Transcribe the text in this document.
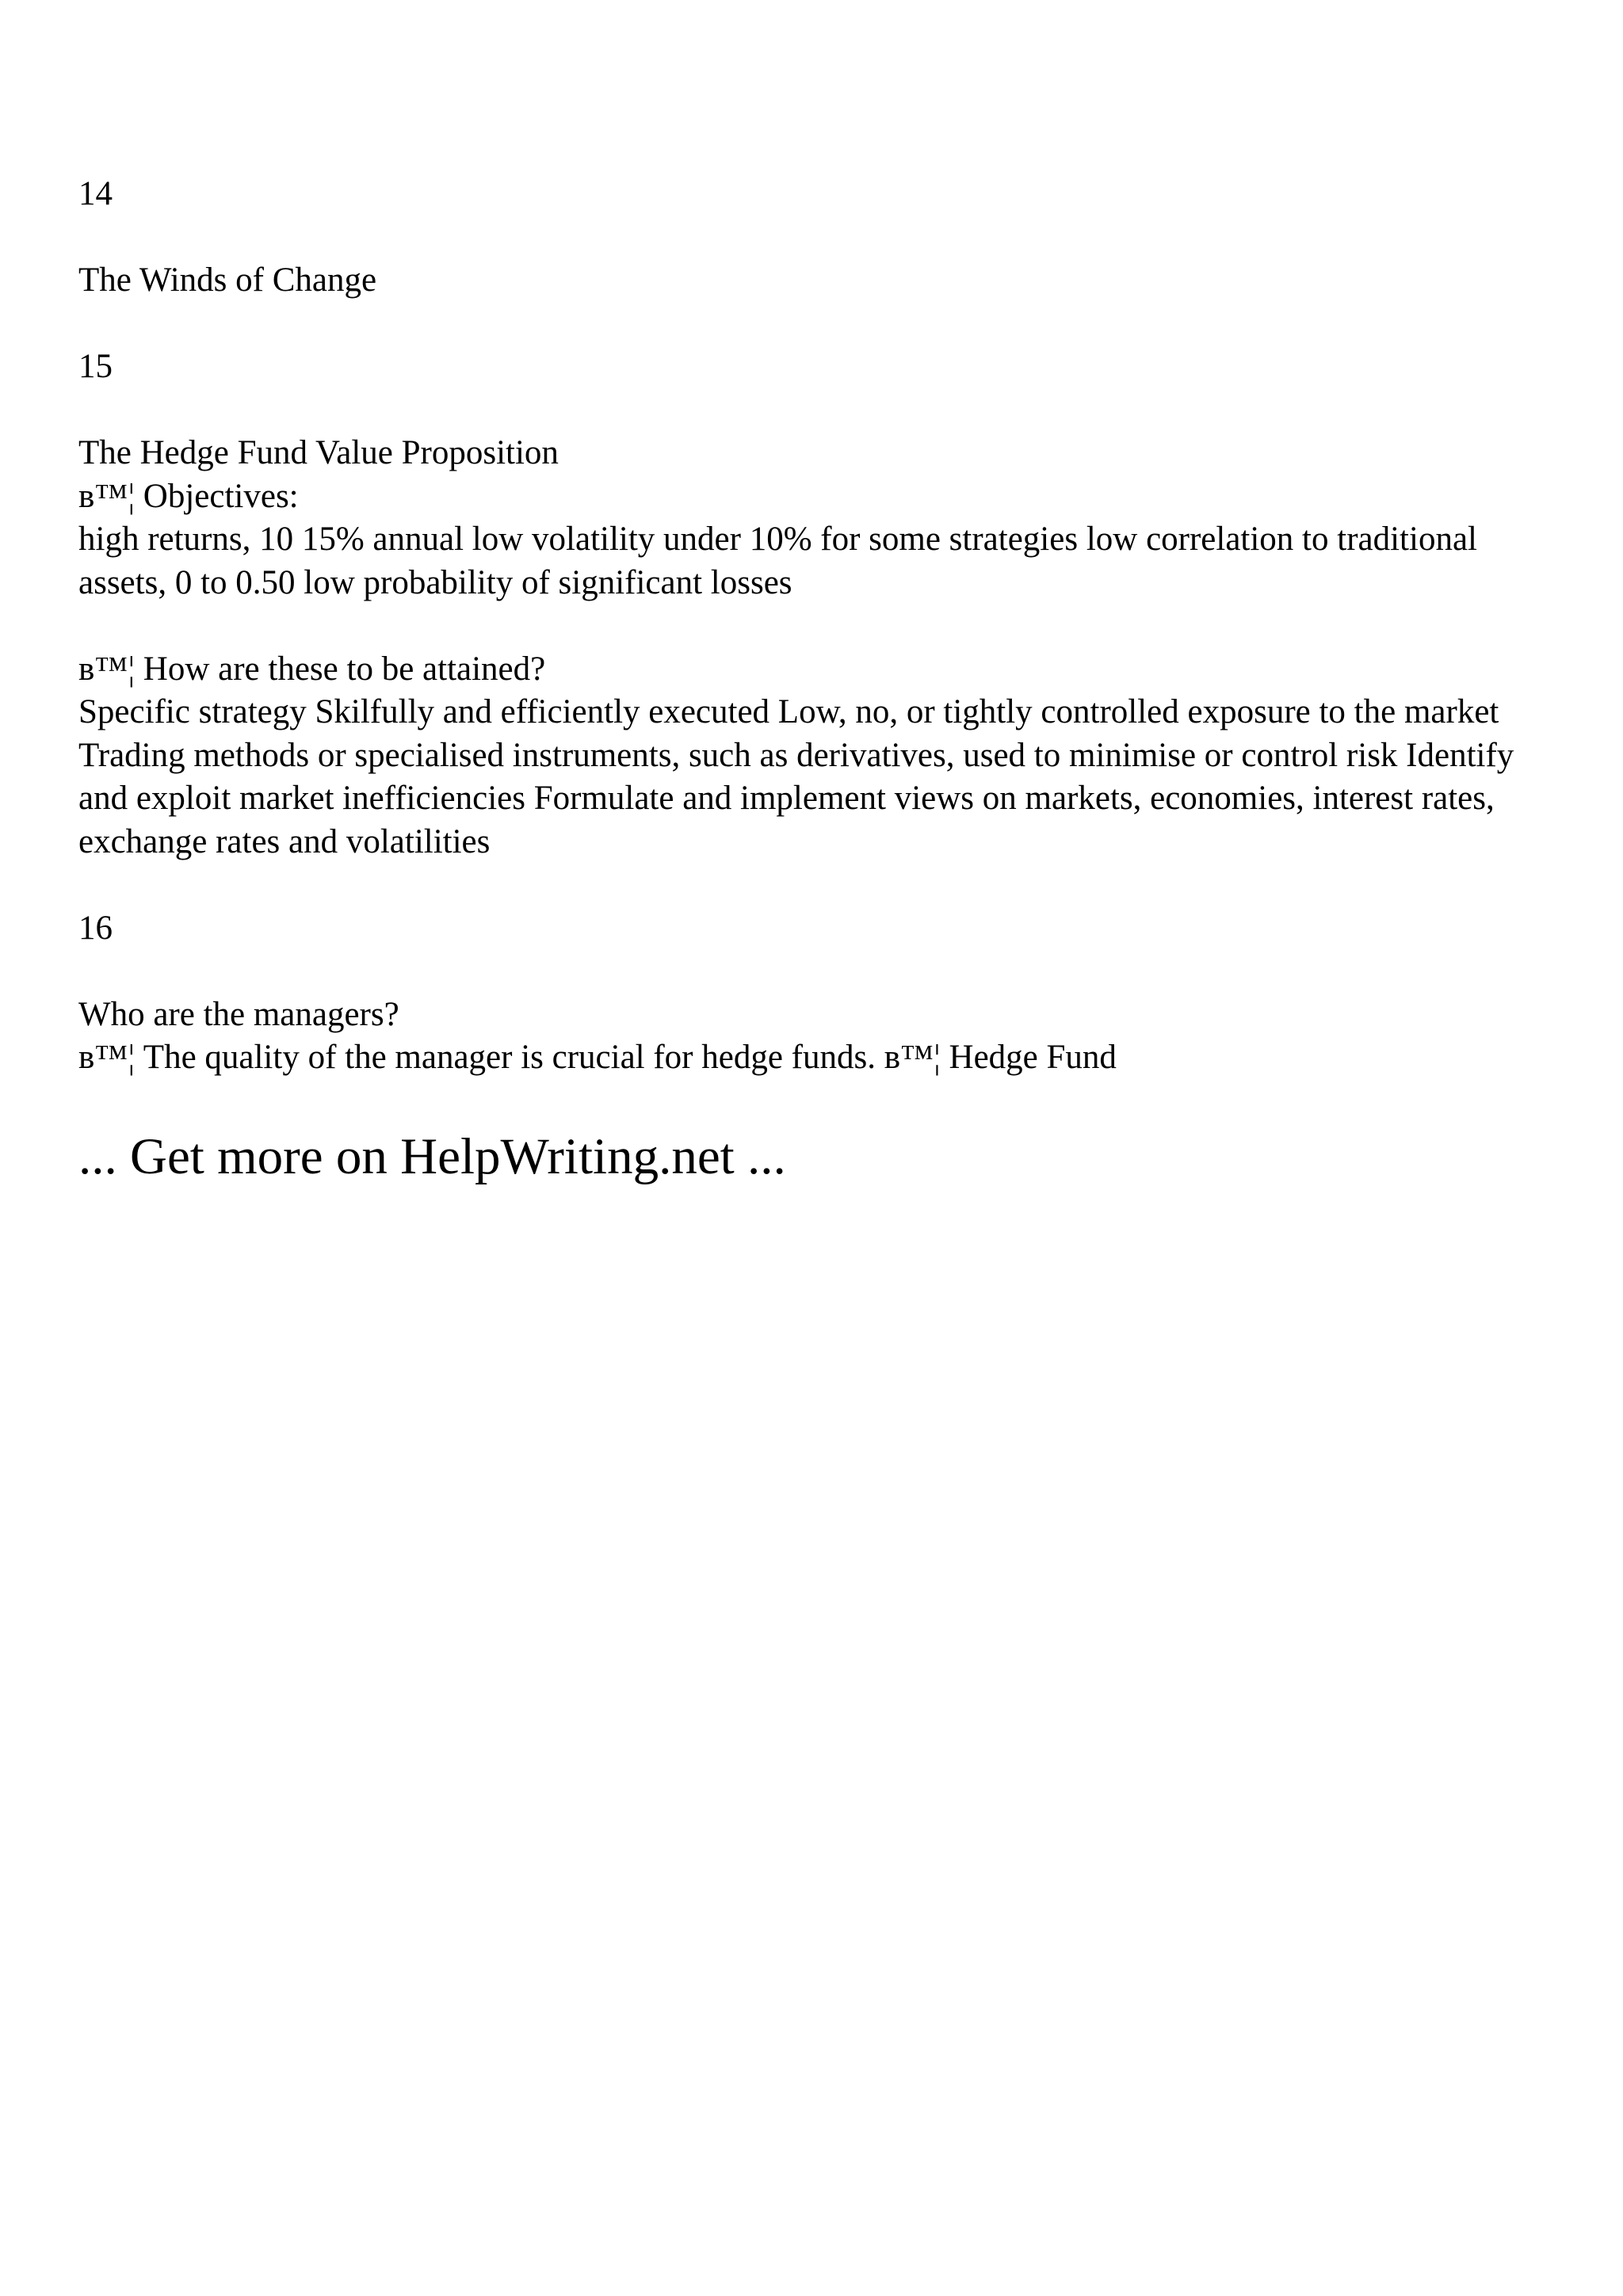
14
The Winds of Change
15
The Hedge Fund Value Proposition
в™¦ Objectives:
high returns, 10 15% annual low volatility under 10% for some strategies low correlation to traditional assets, 0 to 0.50 low probability of significant losses
в™¦ How are these to be attained?
Specific strategy Skilfully and efficiently executed Low, no, or tightly controlled exposure to the market Trading methods or specialised instruments, such as derivatives, used to minimise or control risk Identify and exploit market inefficiencies Formulate and implement views on markets, economies, interest rates, exchange rates and volatilities
16
Who are the managers?
в™¦ The quality of the manager is crucial for hedge funds. в™¦ Hedge Fund
... Get more on HelpWriting.net ...
